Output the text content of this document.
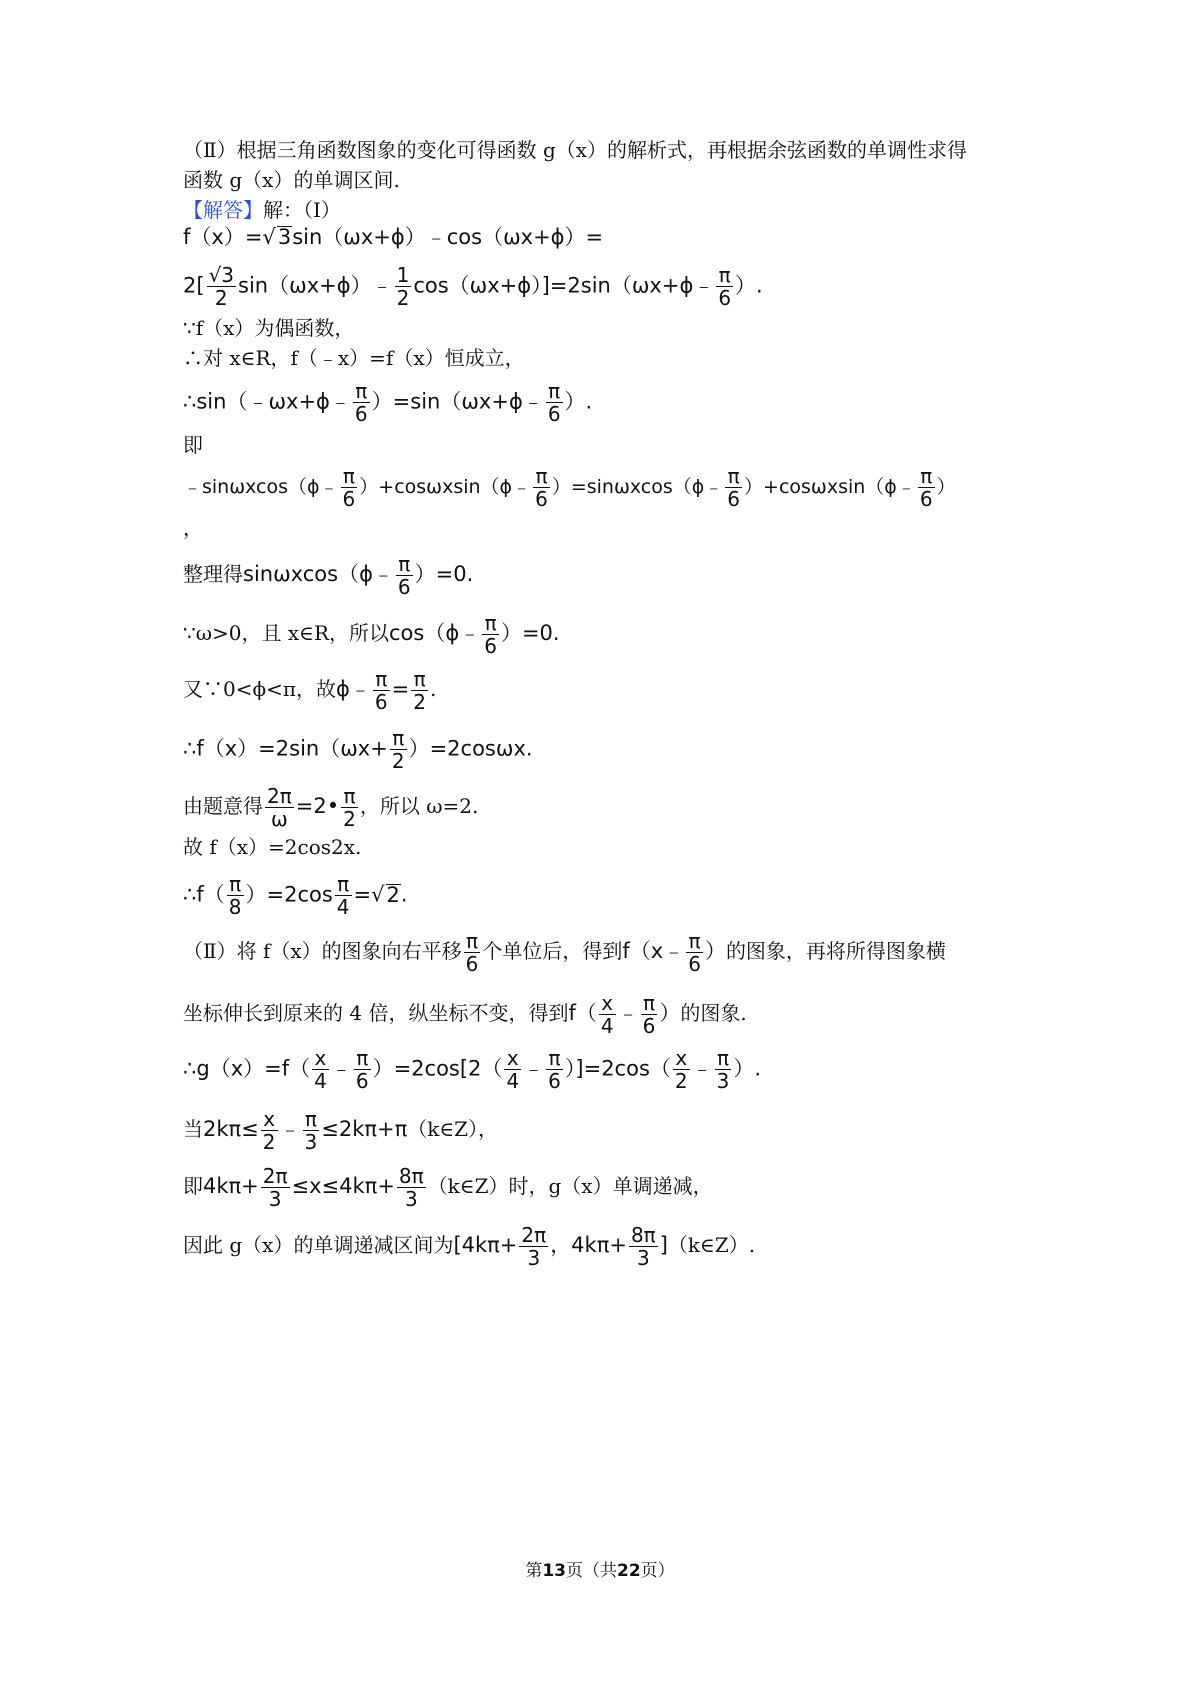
（Ⅱ）根据三角函数图象的变化可得函数 g（x）的解析式，再根据余弦函数的单调性求得
函数 g（x）的单调区间.
【解答】解：（Ⅰ）
f（x）=√3sin（ωx+ϕ）﹣cos（ωx+ϕ）=
$2[ \frac{√3}{2}$ sin（ωx+ϕ）﹣ $\frac{1}{2}$ cos（ωx+ϕ）]=2sin（ωx+ϕ﹣ $\frac{\pi}{6}$ ）.
∵f（x）为偶函数，
∴对 x∈R，f（﹣x）=f（x）恒成立，
∴sin（﹣ωx+ϕ﹣ $\frac{\pi}{6}$ ）=sin（ωx+ϕ﹣ $\frac{\pi}{6}$ ）.
即
﹣sinωxcos（ϕ﹣ $\frac{\pi}{6}$ ）+cosωxsin（ϕ﹣ $\frac{\pi}{6}$ ）=sinωxcos（ϕ﹣ $\frac{\pi}{6}$ ）+cosωxsin（ϕ﹣ $\frac{\pi}{6}$ ）
，
整理得sinωxcos（ϕ﹣ $\frac{\pi}{6} )=0$.
∵ω>0，且 x∈R，所以cos（ϕ﹣ $\frac{\pi}{6} )=0$.
又∵0<ϕ<π，故ϕ﹣ $\frac{\pi}{6} = \frac{\pi}{2}$ .
∴f（x）=2sin（ωx+ $\frac{\pi}{2} )=2\cos\omega x$.
由题意得 $\frac{2\pi}{\omega}$ =2• $\frac{\pi}{2}$ ，所以 ω=2.
故 f（x）=2cos2x.
∴f（ $\frac{\pi}{8} )=2\cos \frac{\pi}{4} =√2$.
（Ⅱ）将 f（x）的图象向右平移 $\frac{\pi}{6}$ 个单位后，得到f（x﹣ $\frac{\pi}{6}$ ）的图象，再将所得图象横
坐标伸长到原来的 4 倍，纵坐标不变，得到$f( \frac{x}{4}$ ﹣ $\frac{\pi}{6}$ ）的图象.
∴g（x）=f（ $\frac{x}{4}$ ﹣ $\frac{\pi}{6} )=2\cos[2( \frac{x}{4}$ ﹣ $\frac{\pi}{6} )]=2\cos( \frac{x}{2}$ ﹣ $\frac{\pi}{3}$ ）.
当$2k\pi\le \frac{x}{2}$ ﹣ $\frac{\pi}{3}$ ≤2kπ+π（k∈Z），
即$4k\pi+ \frac{2\pi}{3} \le x\le 4k\pi+ \frac{8\pi}{3}$ （k∈Z）时，g（x）单调递减，
因此 g（x）的单调递减区间为[$4k\pi+ \frac{2\pi}{3}$ ，$4k\pi+ \frac{8\pi}{3}$ ]（k∈Z）.
第13页（共22页）
